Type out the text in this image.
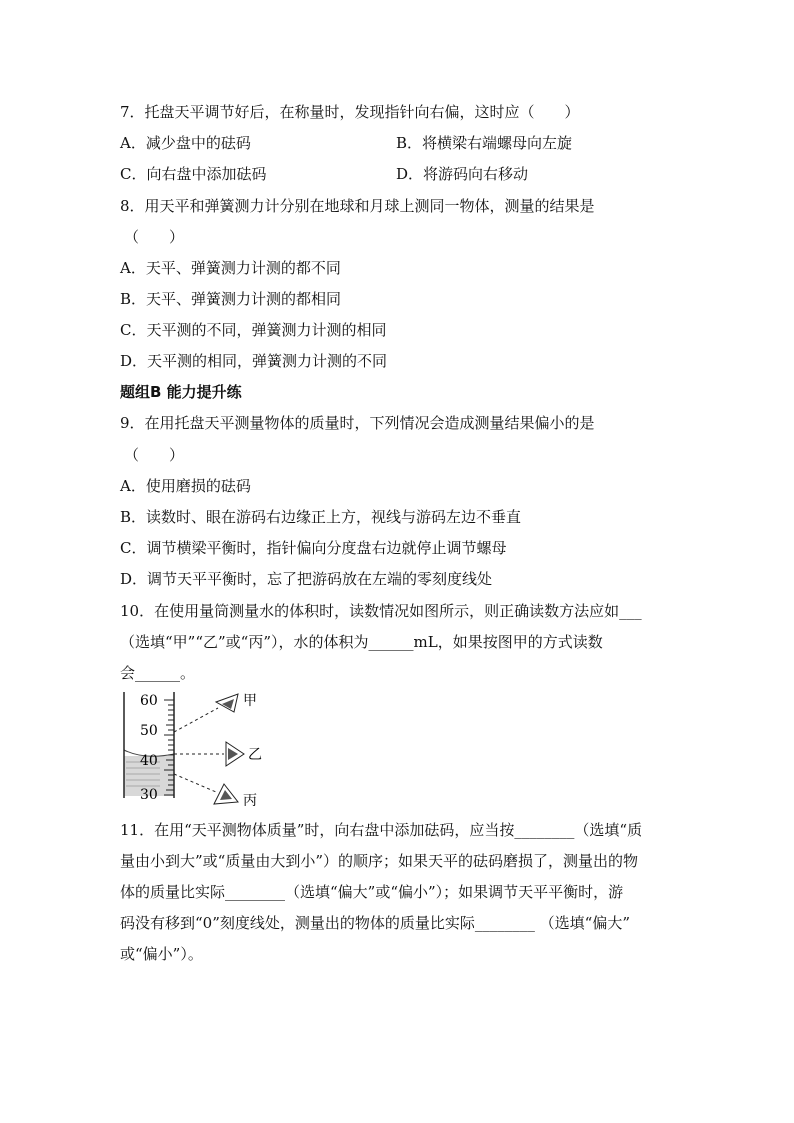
7．托盘天平调节好后，在称量时，发现指针向右偏，这时应（　　）
A．减少盘中的砝码	B．将横梁右端螺母向左旋
C．向右盘中添加砝码	D．将游码向右移动
8．用天平和弹簧测力计分别在地球和月球上测同一物体，测量的结果是
（　　）
A．天平、弹簧测力计测的都不同
B．天平、弹簧测力计测的都相同
C．天平测的不同，弹簧测力计测的相同
D．天平测的相同，弹簧测力计测的不同
题组B 能力提升练
9．在用托盘天平测量物体的质量时，下列情况会造成测量结果偏小的是
（　　）
A．使用磨损的砝码
B．读数时、眼在游码右边缘正上方，视线与游码左边不垂直
C．调节横梁平衡时，指针偏向分度盘右边就停止调节螺母
D．调节天平平衡时，忘了把游码放在左端的零刻度线处
10．在使用量筒测量水的体积时，读数情况如图所示，则正确读数方法应如___
（选填“甲”“乙”或“丙”），水的体积为______mL，如果按图甲的方式读数
会______。
60
50
40
30
甲
乙
丙
11．在用“天平测物体质量”时，向右盘中添加砝码，应当按________（选填“质
量由小到大”或“质量由大到小”）的顺序；如果天平的砝码磨损了，测量出的物
体的质量比实际________（选填“偏大”或“偏小”）；如果调节天平平衡时，游
码没有移到“0”刻度线处，测量出的物体的质量比实际________ （选填“偏大”
或“偏小”）。
